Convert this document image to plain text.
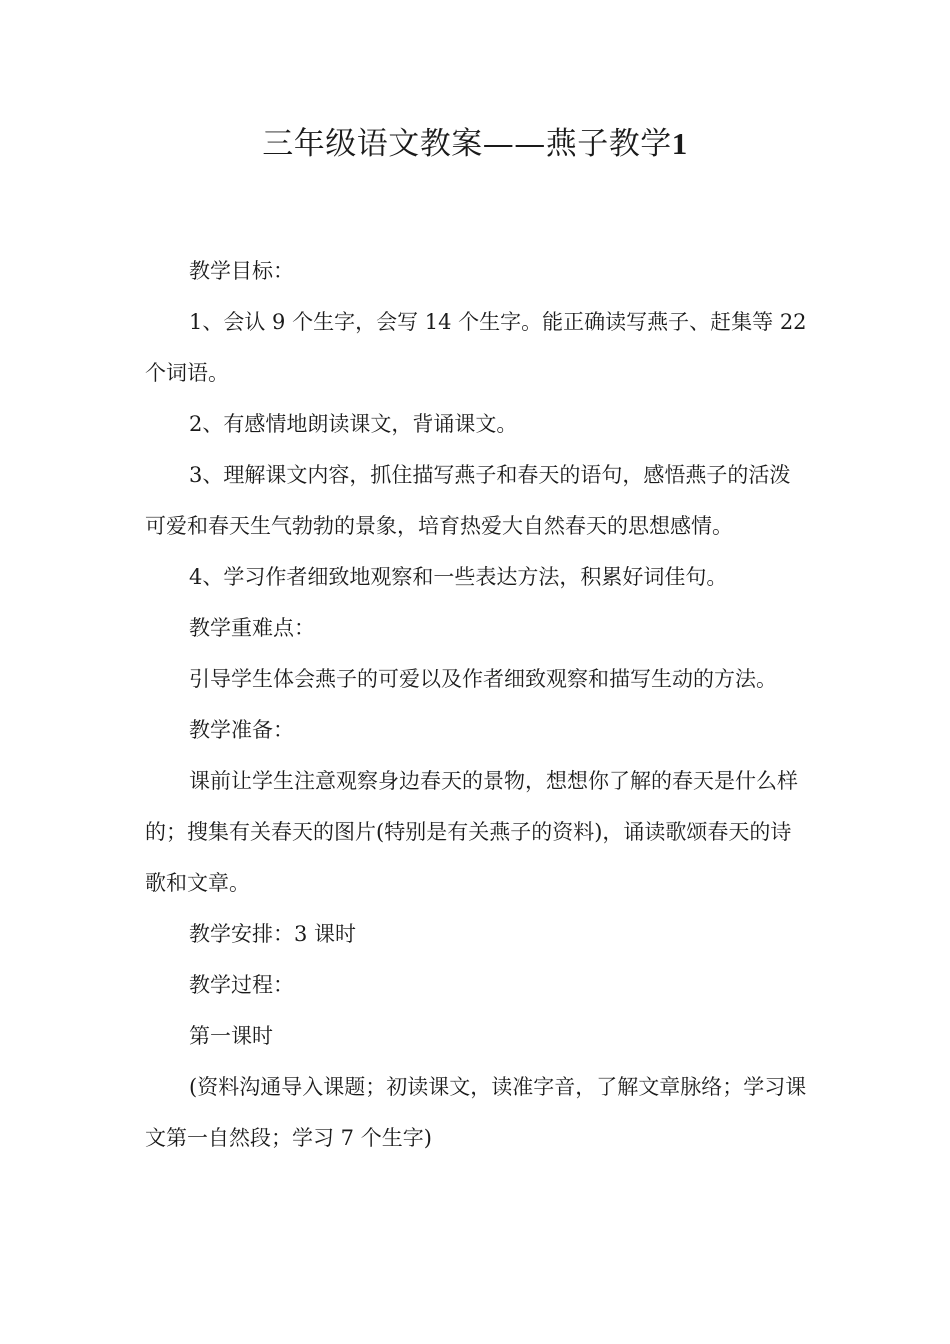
三年级语文教案——燕子教学1

教学目标：

1、会认 9 个生字，会写 14 个生字。能正确读写燕子、赶集等 22 个词语。

2、有感情地朗读课文，背诵课文。

3、理解课文内容，抓住描写燕子和春天的语句，感悟燕子的活泼可爱和春天生气勃勃的景象，培育热爱大自然春天的思想感情。

4、学习作者细致地观察和一些表达方法，积累好词佳句。

教学重难点：

引导学生体会燕子的可爱以及作者细致观察和描写生动的方法。

教学准备：

课前让学生注意观察身边春天的景物，想想你了解的春天是什么样的；搜集有关春天的图片(特别是有关燕子的资料)，诵读歌颂春天的诗歌和文章。

教学安排：3 课时

教学过程：

第一课时

(资料沟通导入课题；初读课文，读准字音，了解文章脉络；学习课文第一自然段；学习 7 个生字)
